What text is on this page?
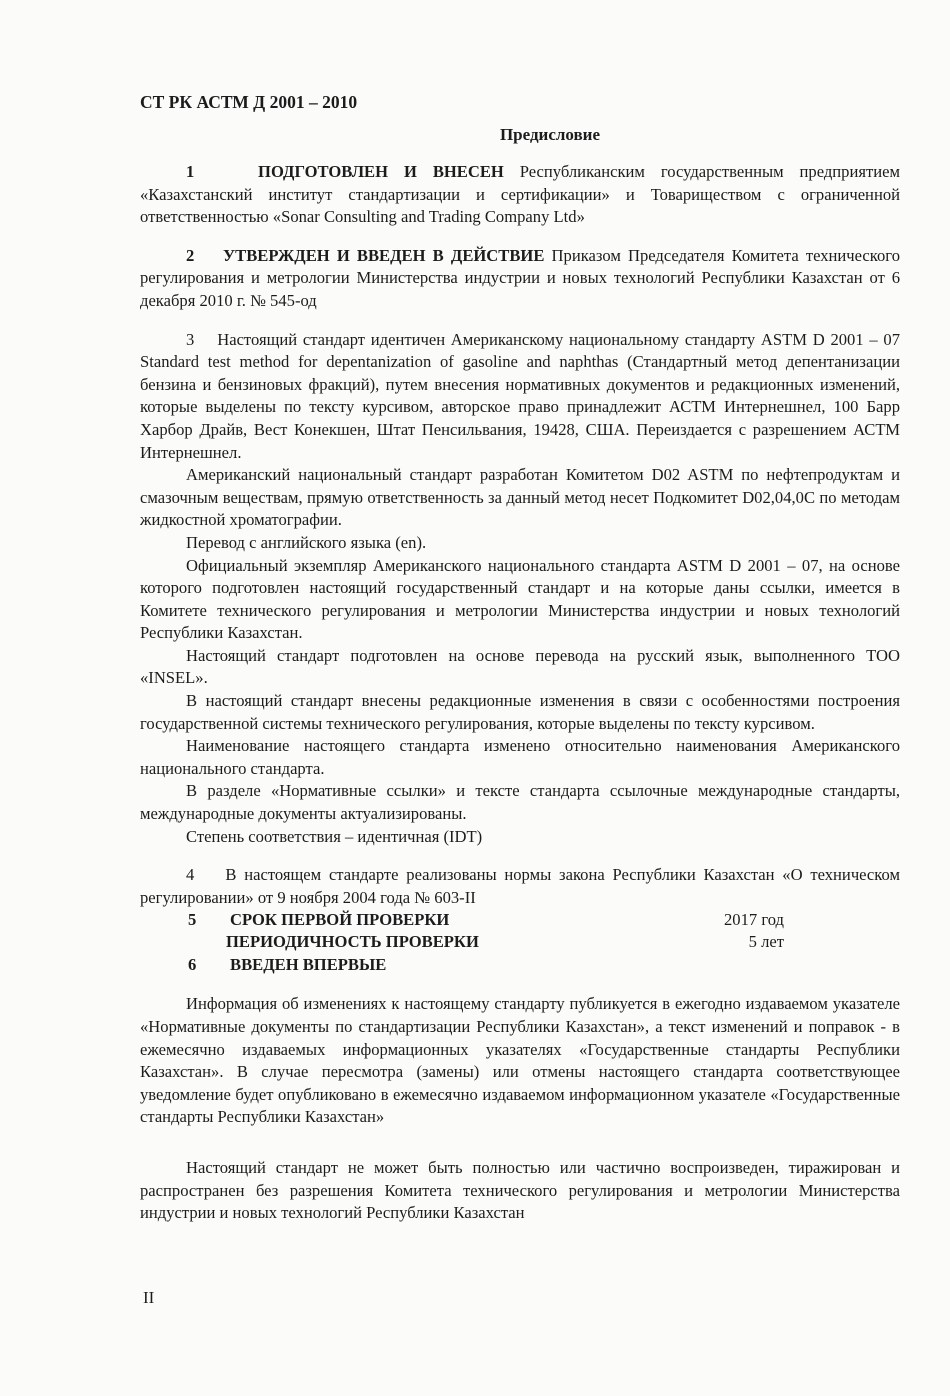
СТ РК АСТМ Д 2001 – 2010
Предисловие

1	ПОДГОТОВЛЕН И ВНЕСЕН Республиканским государственным предприятием «Казахстанский институт стандартизации и сертификации» и Товариществом с ограниченной ответственностью «Sonar Consulting and Trading Company Ltd»

2 УТВЕРЖДЕН И ВВЕДЕН В ДЕЙСТВИЕ Приказом Председателя Комитета технического регулирования и метрологии Министерства индустрии и новых технологий Республики Казахстан от 6 декабря 2010 г. № 545-од

3 Настоящий стандарт идентичен Американскому национальному стандарту ASTM D 2001 – 07 Standard test method for depentanization of gasoline and naphthas (Стандартный метод депентанизации бензина и бензиновых фракций), путем внесения нормативных документов и редакционных изменений, которые выделены по тексту курсивом, авторское право принадлежит АСТМ Интернешнел, 100 Барр Харбор Драйв, Вест Конекшен, Штат Пенсильвания, 19428, США. Переиздается с разрешением АСТМ Интернешнел.

Американский национальный стандарт разработан Комитетом D02 ASTM по нефтепродуктам и смазочным веществам, прямую ответственность за данный метод несет Подкомитет D02,04,0C по методам жидкостной хроматографии.

Перевод с английского языка (en).

Официальный экземпляр Американского национального стандарта ASTM D 2001 – 07, на основе которого подготовлен настоящий государственный стандарт и на которые даны ссылки, имеется в Комитете технического регулирования и метрологии Министерства индустрии и новых технологий Республики Казахстан.

Настоящий стандарт подготовлен на основе перевода на русский язык, выполненного ТОО «INSEL».

В настоящий стандарт внесены редакционные изменения в связи с особенностями построения государственной системы технического регулирования, которые выделены по тексту курсивом.

Наименование настоящего стандарта изменено относительно наименования Американского национального стандарта.

В разделе «Нормативные ссылки» и тексте стандарта ссылочные международные стандарты, международные документы актуализированы.

Степень соответствия – идентичная (IDT)

4 В настоящем стандарте реализованы нормы закона Республики Казахстан «О техническом регулировании» от 9 ноября 2004 года № 603-II

5 СРОК ПЕРВОЙ ПРОВЕРКИ	2017 год
ПЕРИОДИЧНОСТЬ ПРОВЕРКИ	5 лет
6 ВВЕДЕН ВПЕРВЫЕ

Информация об изменениях к настоящему стандарту публикуется в ежегодно издаваемом указателе «Нормативные документы по стандартизации Республики Казахстан», а текст изменений и поправок - в ежемесячно издаваемых информационных указателях «Государственные стандарты Республики Казахстан». В случае пересмотра (замены) или отмены настоящего стандарта соответствующее уведомление будет опубликовано в ежемесячно издаваемом информационном указателе «Государственные стандарты Республики Казахстан»

Настоящий стандарт не может быть полностью или частично воспроизведен, тиражирован и распространен без разрешения Комитета технического регулирования и метрологии Министерства индустрии и новых технологий Республики Казахстан

II
